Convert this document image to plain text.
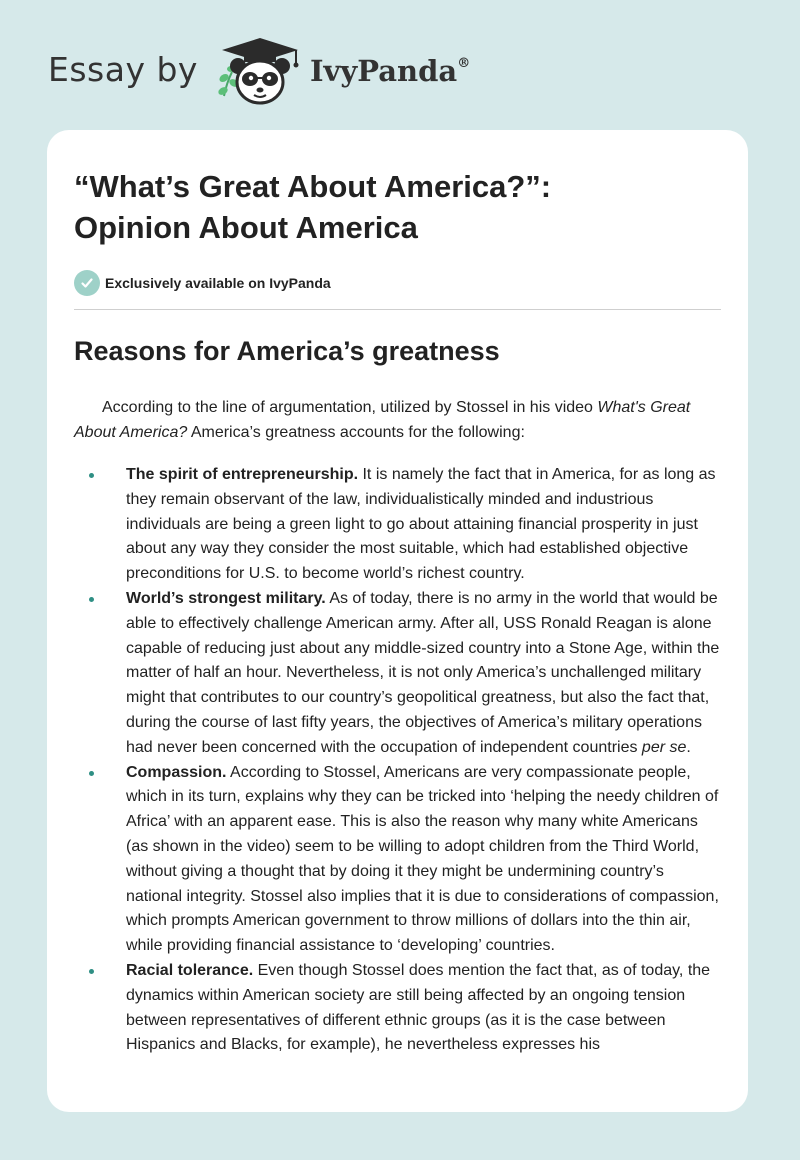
Essay by	IvyPanda®
“What’s Great About America?”:
Opinion About America
Exclusively available on IvyPanda
Reasons for America’s greatness

According to the line of argumentation, utilized by Stossel in his video What's Great About America? America’s greatness accounts for the following:

The spirit of entrepreneurship. It is namely the fact that in America, for as long as they remain observant of the law, individualistically minded and industrious individuals are being a green light to go about attaining financial prosperity in just about any way they consider the most suitable, which had established objective preconditions for U.S. to become world’s richest country.
World’s strongest military. As of today, there is no army in the world that would be able to effectively challenge American army. After all, USS Ronald Reagan is alone capable of reducing just about any middle-sized country into a Stone Age, within the matter of half an hour. Nevertheless, it is not only America’s unchallenged military might that contributes to our country’s geopolitical greatness, but also the fact that, during the course of last fifty years, the objectives of America’s military operations had never been concerned with the occupation of independent countries per se.
Compassion. According to Stossel, Americans are very compassionate people, which in its turn, explains why they can be tricked into ‘helping the needy children of Africa’ with an apparent ease. This is also the reason why many white Americans (as shown in the video) seem to be willing to adopt children from the Third World, without giving a thought that by doing it they might be undermining country’s national integrity. Stossel also implies that it is due to considerations of compassion, which prompts American government to throw millions of dollars into the thin air, while providing financial assistance to ‘developing’ countries.
Racial tolerance. Even though Stossel does mention the fact that, as of today, the dynamics within American society are still being affected by an ongoing tension between representatives of different ethnic groups (as it is the case between Hispanics and Blacks, for example), he nevertheless expresses his
